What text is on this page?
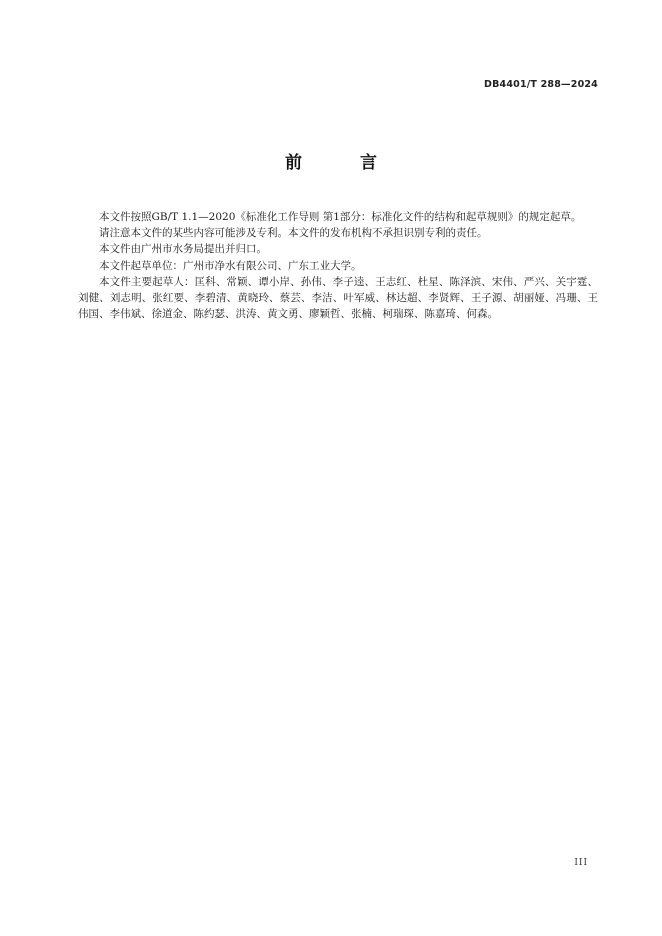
DB4401/T 288—2024
前 言

本文件按照GB/T 1.1—2020《标准化工作导则 第1部分：标准化文件的结构和起草规则》的规定起草。

请注意本文件的某些内容可能涉及专利。本文件的发布机构不承担识别专利的责任。

本文件由广州市水务局提出并归口。

本文件起草单位：广州市净水有限公司、广东工业大学。

本文件主要起草人：匡科、常颖、谭小岸、孙伟、李子逵、王志红、杜星、陈泽滨、宋伟、严兴、关宇霆、刘健、刘志明、张红要、李碧清、黄晓玲、蔡芸、李洁、叶军威、林达超、李贤辉、王子源、胡丽娅、冯珊、王伟国、李伟斌、徐道金、陈约瑟、洪涛、黄文勇、廖颖哲、张楠、柯瑞琛、陈嘉琦、何森。

III
